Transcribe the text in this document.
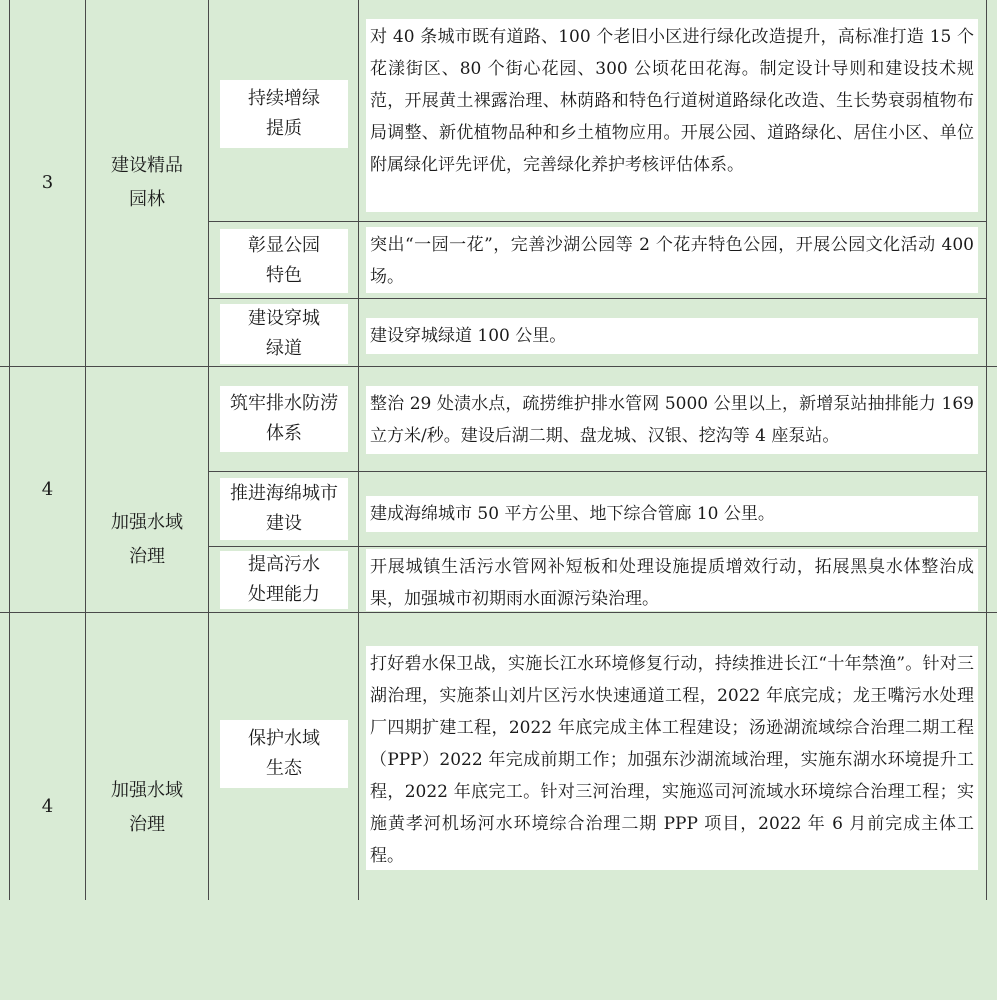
3
建设精品
园林
持续增绿
提质
对 40 条城市既有道路、100 个老旧小区进行绿化改造提升，高标准打造 15 个花漾街区、80 个街心花园、300 公顷花田花海。制定设计导则和建设技术规范，开展黄土裸露治理、林荫路和特色行道树道路绿化改造、生长势衰弱植物布局调整、新优植物品种和乡土植物应用。开展公园、道路绿化、居住小区、单位附属绿化评先评优，完善绿化养护考核评估体系。
彰显公园
特色
突出“一园一花”，完善沙湖公园等 2 个花卉特色公园，开展公园文化活动 400 场。
建设穿城
绿道
建设穿城绿道 100 公里。
4
加强水域
治理
筑牢排水防涝
体系
整治 29 处渍水点，疏捞维护排水管网 5000 公里以上，新增泵站抽排能力 169 立方米/秒。建设后湖二期、盘龙城、汉银、挖沟等 4 座泵站。
推进海绵城市
建设	建成海绵城市 50 平方公里、地下综合管廊 10 公里。
提高污水
处理能力
开展城镇生活污水管网补短板和处理设施提质增效行动，拓展黑臭水体整治成果，加强城市初期雨水面源污染治理。
4
加强水域
治理
保护水域
生态
打好碧水保卫战，实施长江水环境修复行动，持续推进长江“十年禁渔”。针对三湖治理，实施茶山刘片区污水快速通道工程，2022 年底完成；龙王嘴污水处理厂四期扩建工程，2022 年底完成主体工程建设；汤逊湖流域综合治理二期工程（PPP）2022 年完成前期工作；加强东沙湖流域治理，实施东湖水环境提升工程，2022 年底完工。针对三河治理，实施巡司河流域水环境综合治理工程；实施黄孝河机场河水环境综合治理二期 PPP 项目，2022 年 6 月前完成主体工程。
